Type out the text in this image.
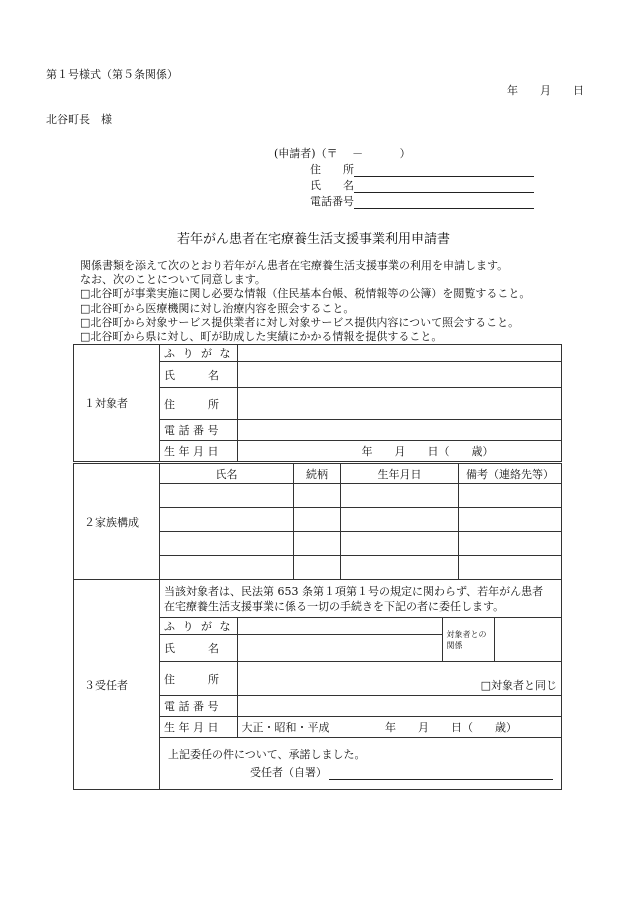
第１号様式（第５条関係）
年　　月　　日
北谷町長　様
(申請者)（〒　 －　　　 ）
住　　所
氏　　名
電話番号
若年がん患者在宅療養生活支援事業利用申請書

関係書類を添えて次のとおり若年がん患者在宅療養生活支援事業の利用を申請します。

なお、次のことについて同意します。

□北谷町が事業実施に関し必要な情報（住民基本台帳、税情報等の公簿）を閲覧すること。

□北谷町から医療機関に対し治療内容を照会すること。

□北谷町から対象サービス提供業者に対し対象サービス提供内容について照会すること。

□北谷町から県に対し、町が助成した実績にかかる情報を提供すること。

１対象者	ふ り が な	
	氏　　　名	
	住　　　所	
	電 話 番 号	
	生 年 月 日	年　　月　　日（　　歳）
２家族構成	氏名	続柄	生年月日	備考（連絡先等）

３受任者	当該対象者は、民法第 653 条第１項第１号の規定に関わらず、若年がん患者
在宅療養生活支援事業に係る一切の手続きを下記の者に委任します。			

	ふ り が な		対象者との
関係	

	氏　　　名			
	住　　　所	□対象者と同じ		
	電 話 番 号			
	生 年 月 日	大正・昭和・平成 年　　月　　日（　　歳）		

	上記委任の件について、承諾しました。
受任者（自署）			
